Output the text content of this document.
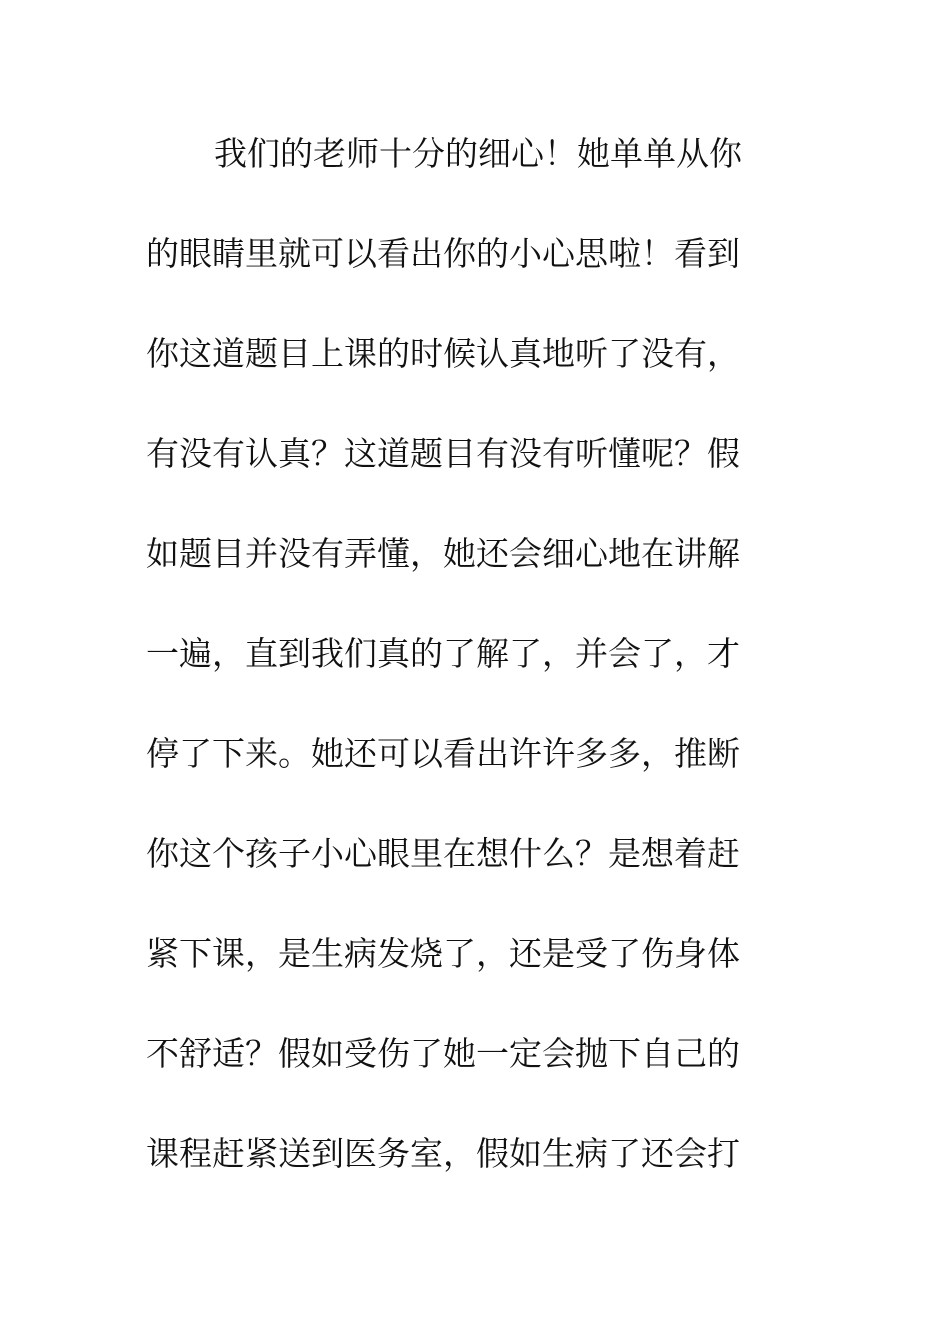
我们的老师十分的细心！她单单从你
的眼睛里就可以看出你的小心思啦！看到
你这道题目上课的时候认真地听了没有，
有没有认真？这道题目有没有听懂呢？假
如题目并没有弄懂，她还会细心地在讲解
一遍，直到我们真的了解了，并会了，才
停了下来。她还可以看出许许多多，推断
你这个孩子小心眼里在想什么？是想着赶
紧下课，是生病发烧了，还是受了伤身体
不舒适？假如受伤了她一定会抛下自己的
课程赶紧送到医务室，假如生病了还会打
